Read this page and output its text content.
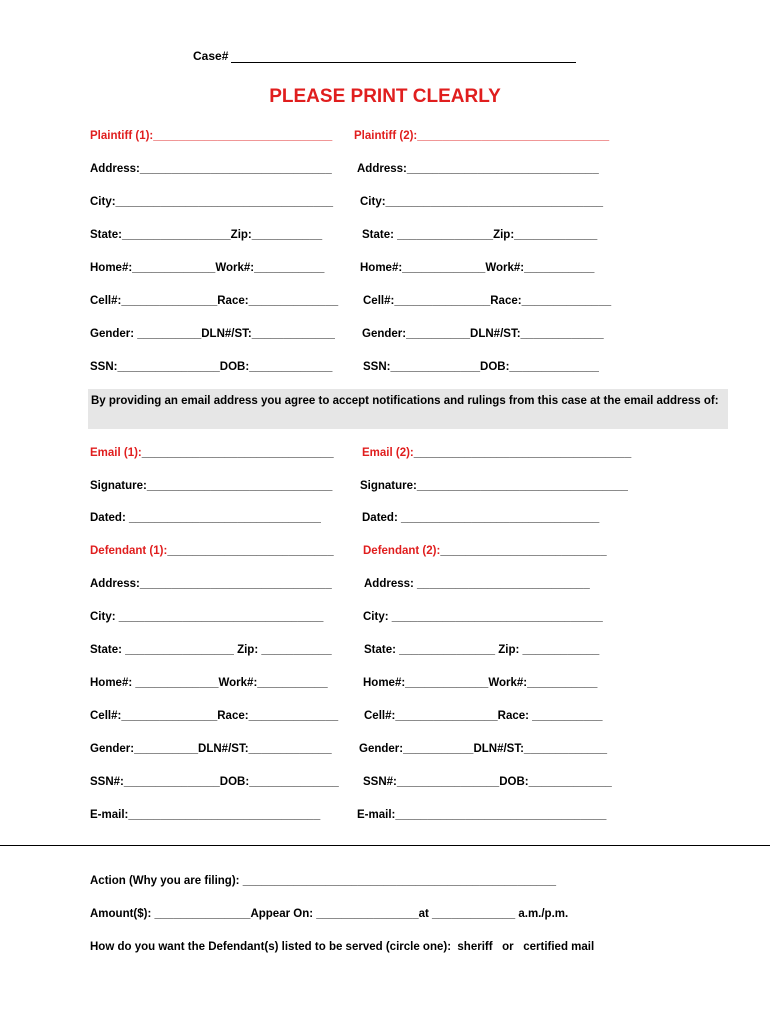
Case#
PLEASE PRINT CLEARLY
Plaintiff (1):____________________________ Plaintiff (2):______________________________
Address:______________________________ Address:______________________________
City:__________________________________ City:__________________________________
State:_________________Zip:___________	State: _______________Zip:_____________
Home#:_____________Work#:___________	Home#:_____________Work#:___________
Cell#:_______________Race:______________ Cell#:_______________Race:______________
Gender: __________DLN#/ST:_____________ Gender:__________DLN#/ST:_____________
SSN:________________DOB:_____________	SSN:______________DOB:______________
By providing an email address you agree to accept notifications and rulings from this case at the email address of:
Email (1):______________________________ Email (2):__________________________________
Signature:_____________________________ Signature:_________________________________
Dated: ______________________________	Dated: _______________________________
Defendant (1):__________________________	Defendant (2):__________________________
Address:______________________________	Address: ___________________________
City: ________________________________	City: _________________________________
State: _________________ Zip: ___________	State: _______________ Zip: ____________
Home#: _____________Work#:___________	Home#:_____________Work#:___________
Cell#:_______________Race:______________ Cell#:________________Race: ___________
Gender:__________DLN#/ST:_____________ Gender:___________DLN#/ST:_____________
SSN#:_______________DOB:______________ SSN#:________________DOB:_____________
E-mail:______________________________	E-mail:_________________________________
Action (Why you are filing): _________________________________________________
Amount($): _______________Appear On: ________________at _____________ a.m./p.m.
How do you want the Defendant(s) listed to be served (circle one):  sheriff   or   certified mail
